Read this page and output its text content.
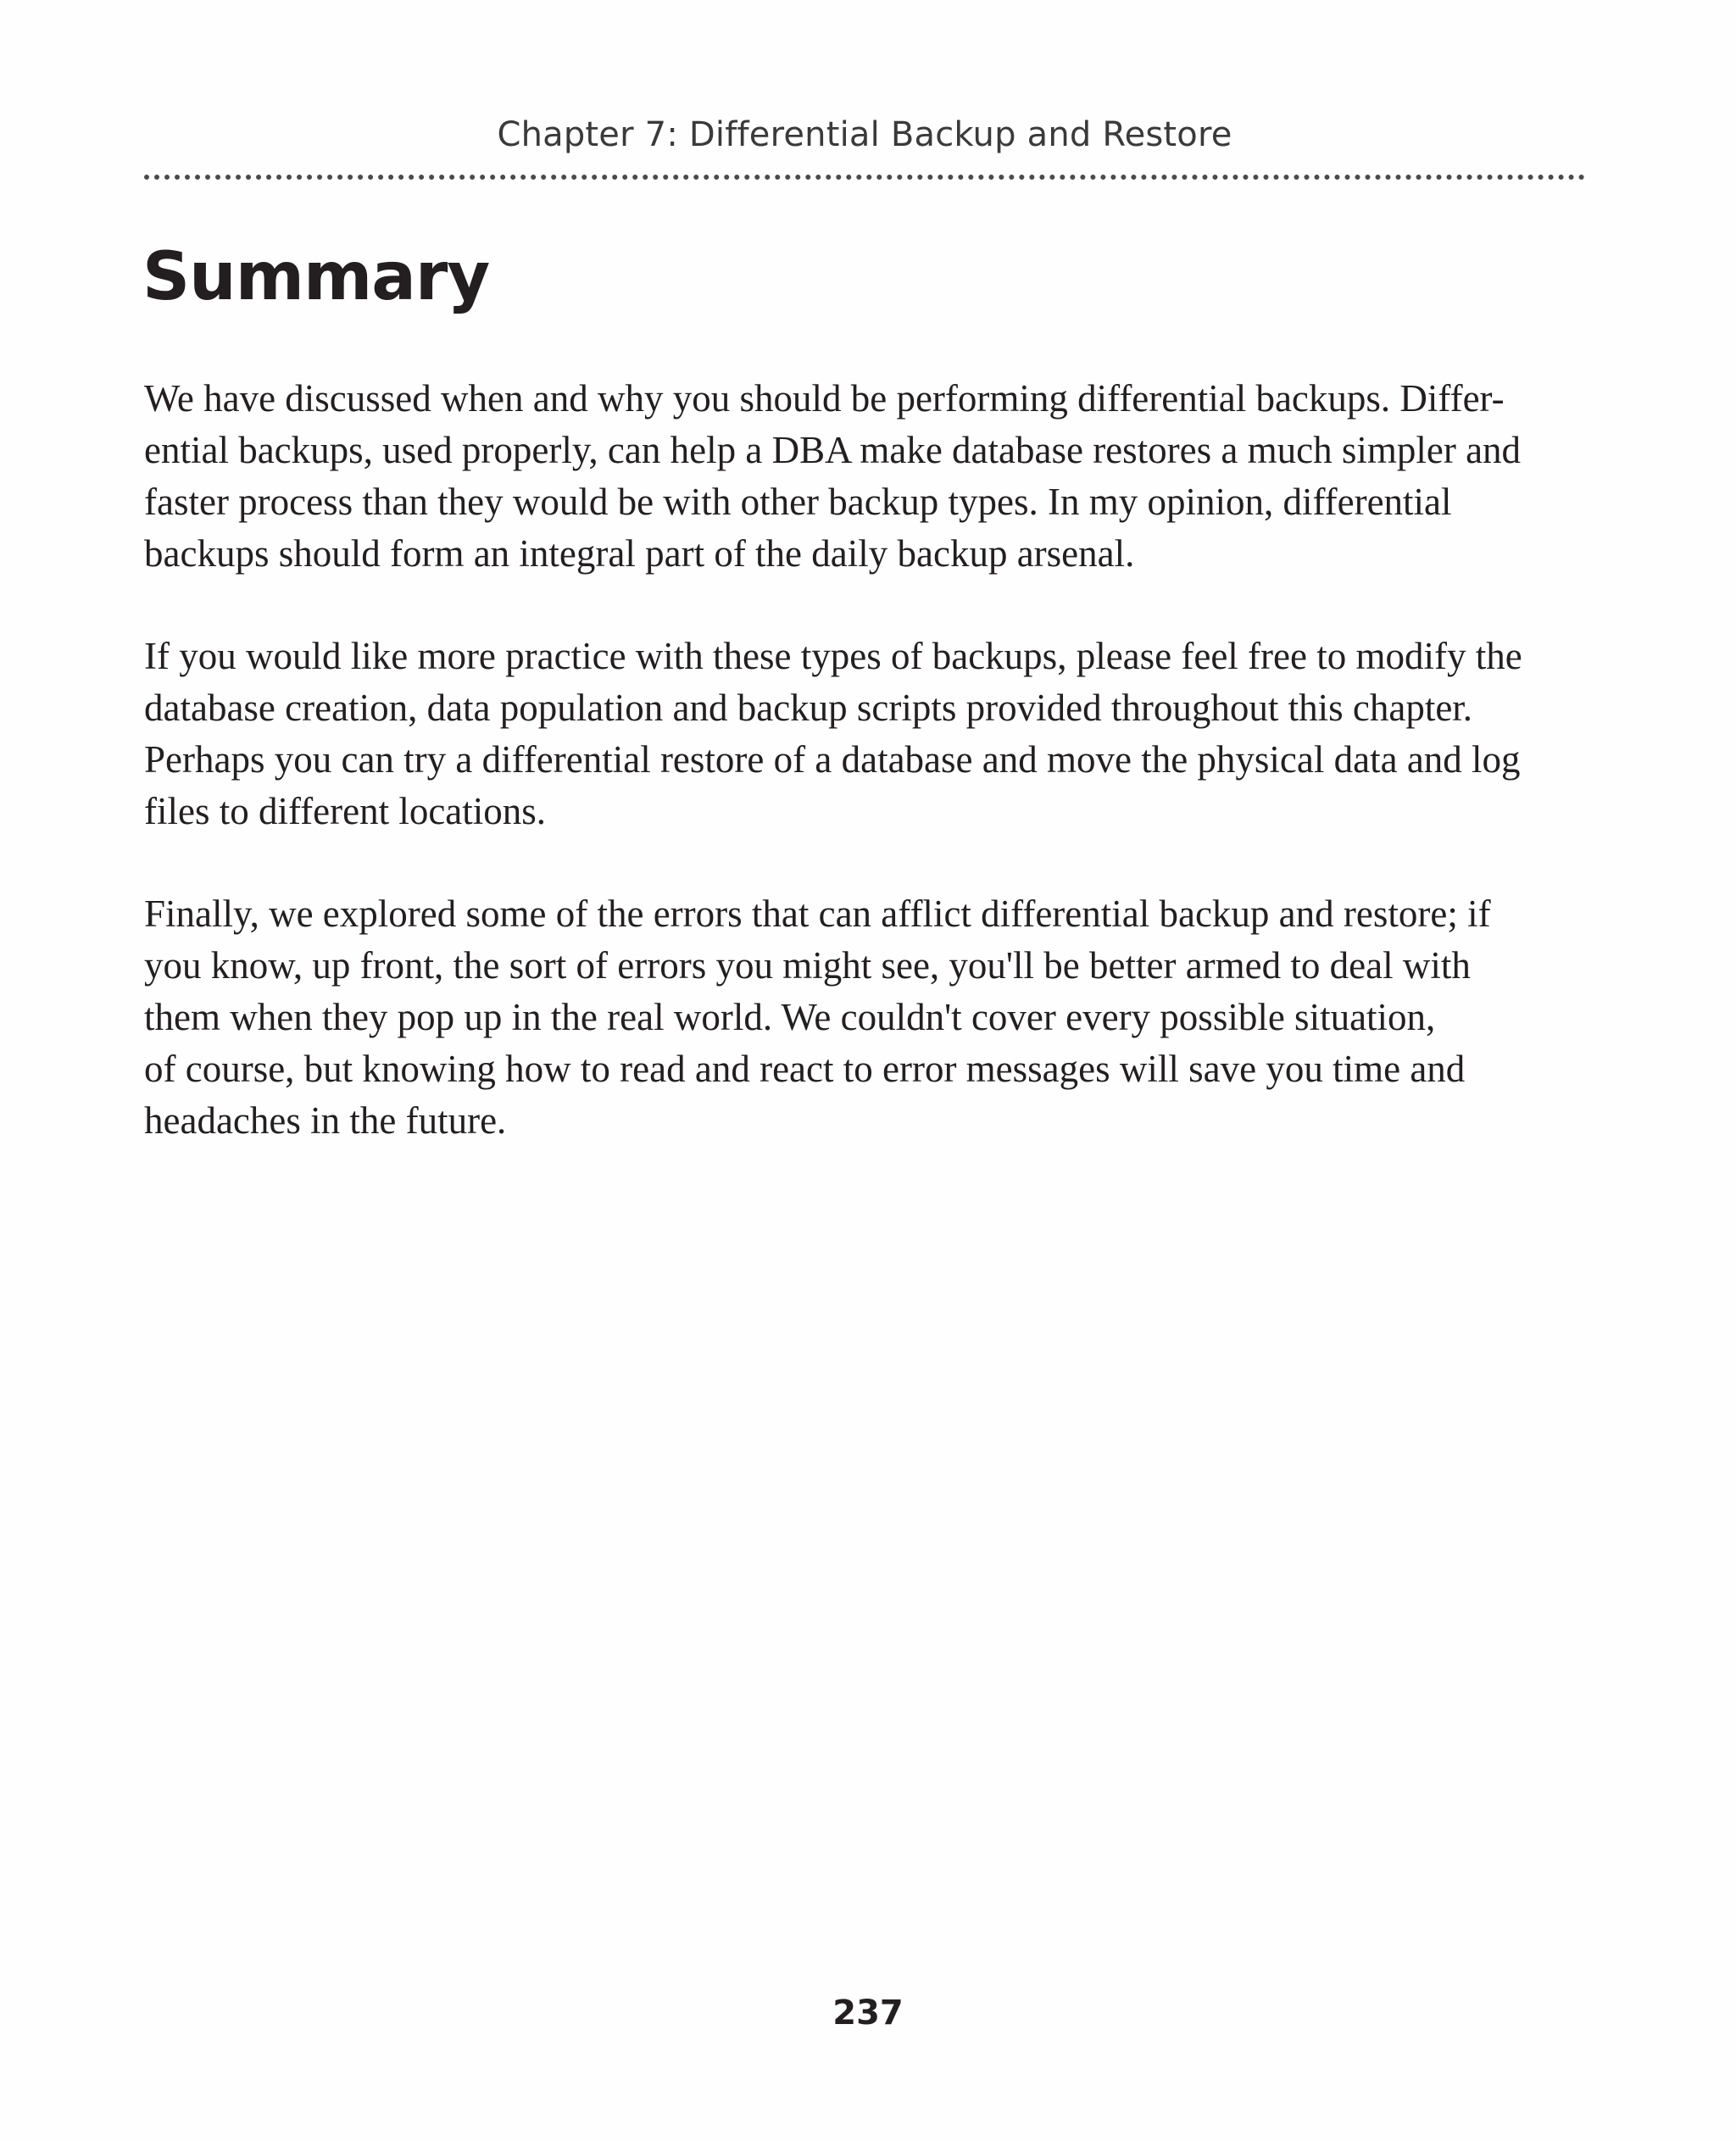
Chapter 7: Differential Backup and Restore
Summary

We have discussed when and why you should be performing differential backups. Differ-
ential backups, used properly, can help a DBA make database restores a much simpler and
faster process than they would be with other backup types. In my opinion, differential
backups should form an integral part of the daily backup arsenal.

If you would like more practice with these types of backups, please feel free to modify the
database creation, data population and backup scripts provided throughout this chapter.
Perhaps you can try a differential restore of a database and move the physical data and log
files to different locations.

Finally, we explored some of the errors that can afflict differential backup and restore; if
you know, up front, the sort of errors you might see, you'll be better armed to deal with
them when they pop up in the real world. We couldn't cover every possible situation,
of course, but knowing how to read and react to error messages will save you time and
headaches in the future.

237
